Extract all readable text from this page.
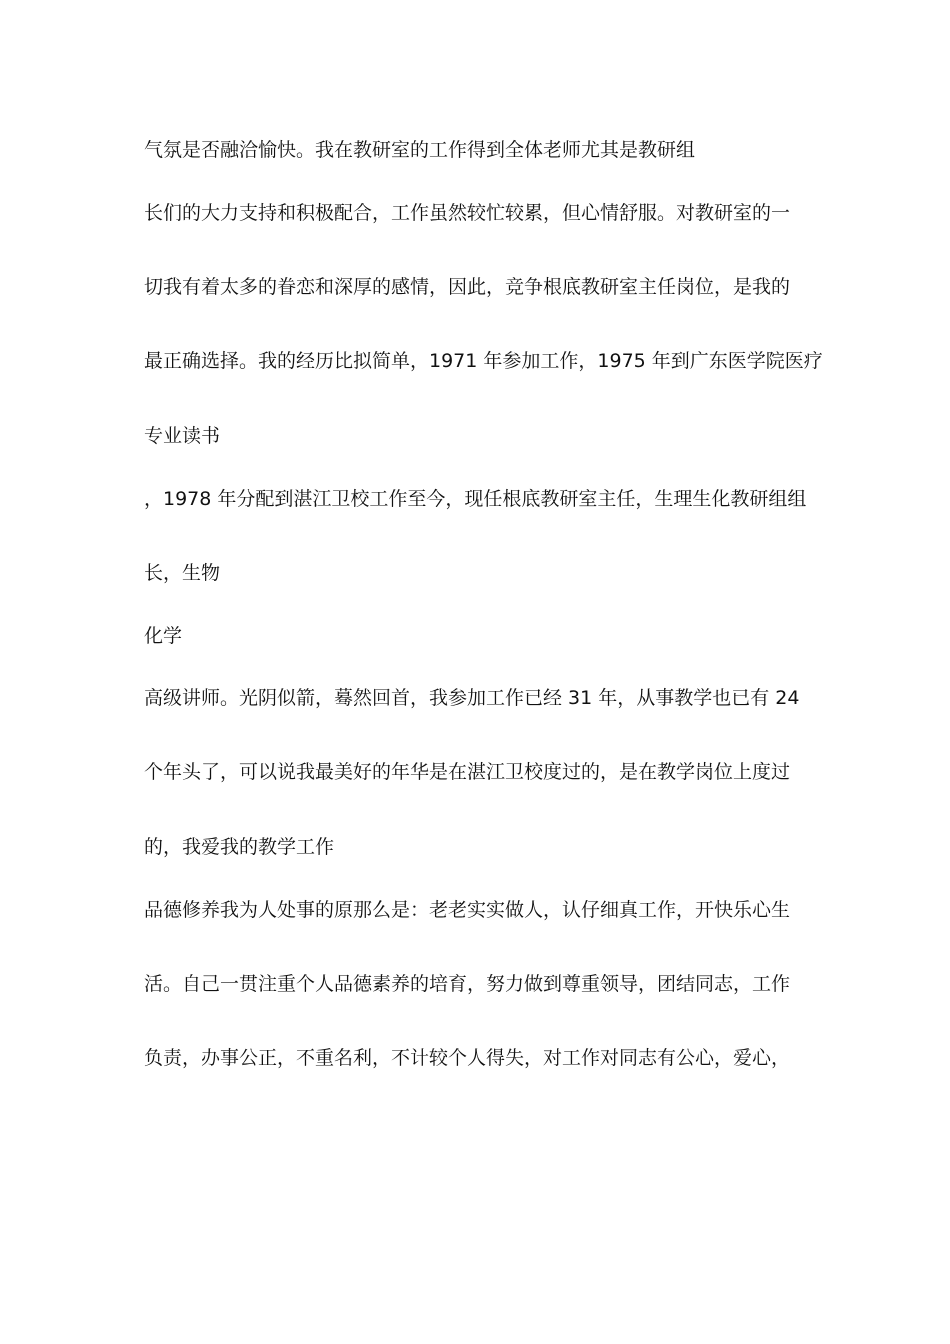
气氛是否融洽愉快。我在教研室的工作得到全体老师尤其是教研组
长们的大力支持和积极配合，工作虽然较忙较累，但心情舒服。对教研室的一
切我有着太多的眷恋和深厚的感情，因此，竞争根底教研室主任岗位，是我的
最正确选择。我的经历比拟简单，1971 年参加工作，1975 年到广东医学院医疗
专业读书
，1978 年分配到湛江卫校工作至今，现任根底教研室主任，生理生化教研组组
长，生物
化学
高级讲师。光阴似箭，蓦然回首，我参加工作已经 31 年，从事教学也已有 24
个年头了，可以说我最美好的年华是在湛江卫校度过的，是在教学岗位上度过
的，我爱我的教学工作
品德修养我为人处事的原那么是：老老实实做人，认仔细真工作，开快乐心生
活。自己一贯注重个人品德素养的培育，努力做到尊重领导，团结同志，工作
负责，办事公正，不重名利，不计较个人得失，对工作对同志有公心，爱心，
